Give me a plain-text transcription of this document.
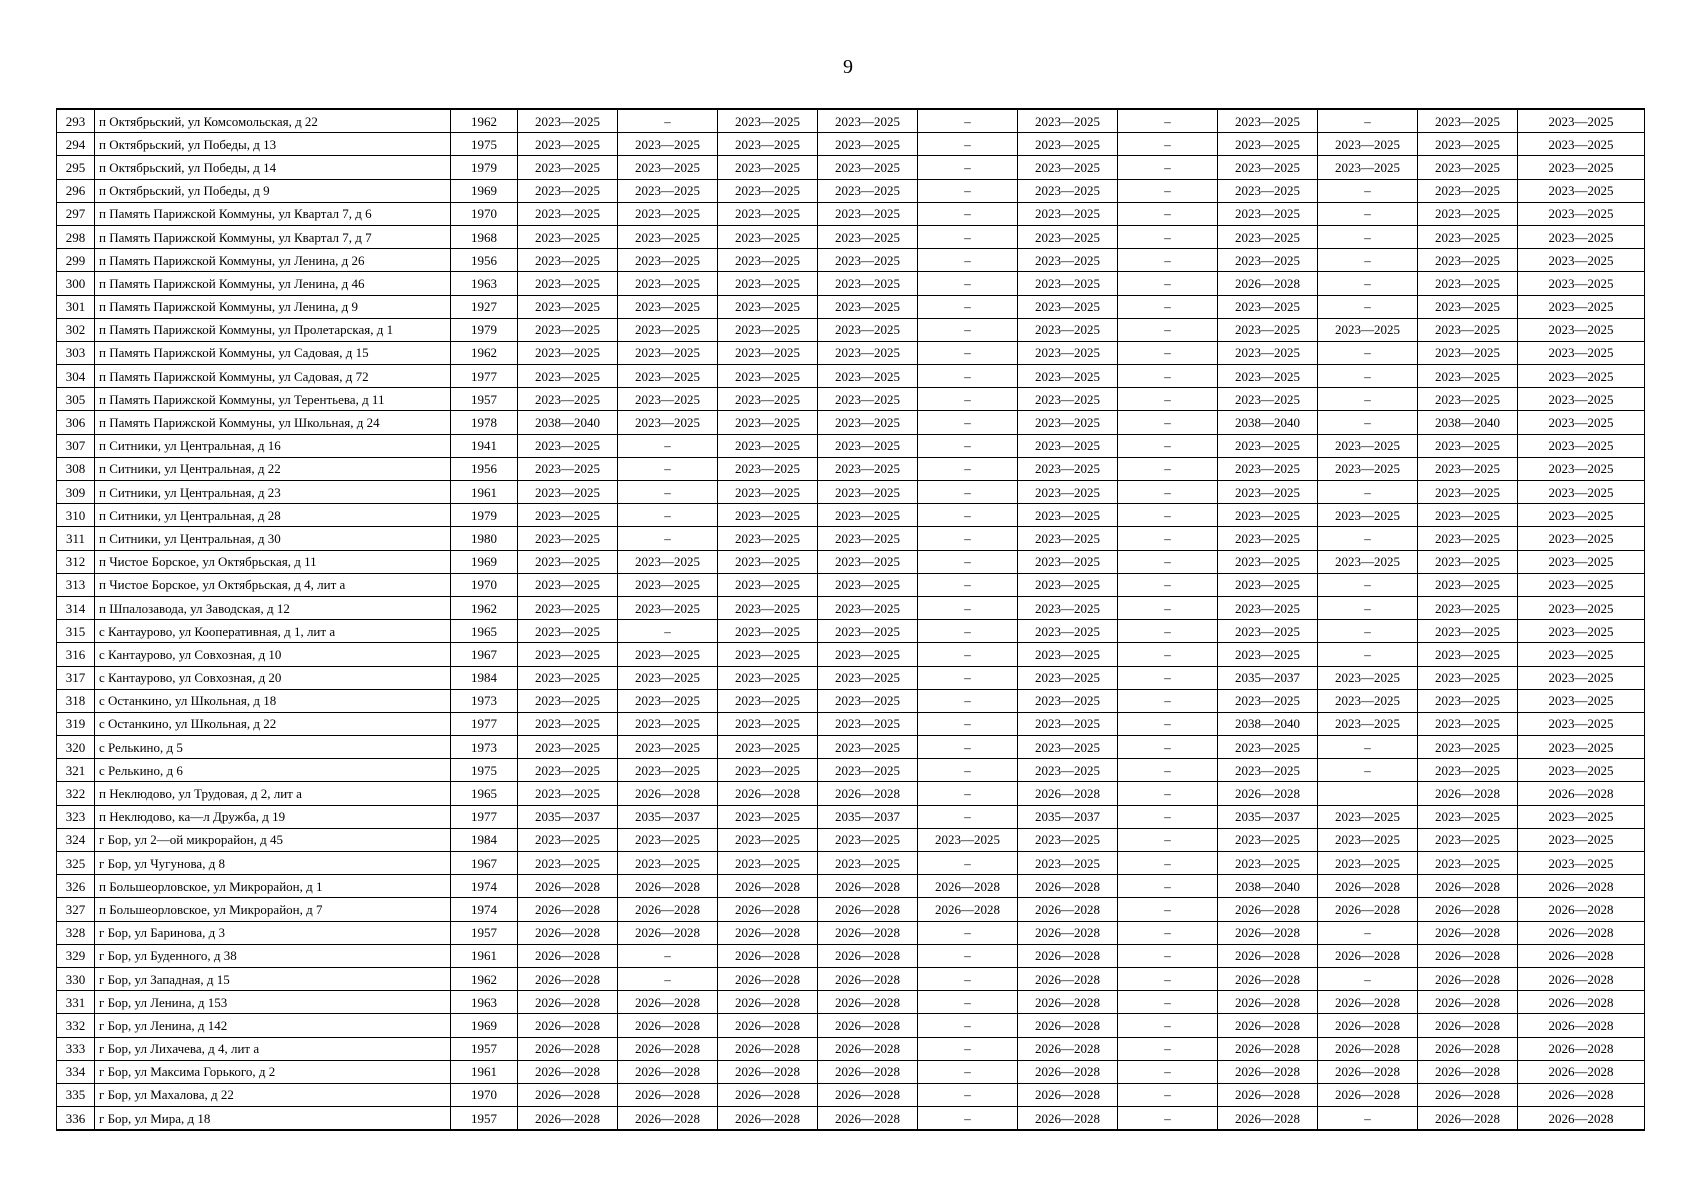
9
293	п Октябрьский, ул Комсомольская, д 22	1962	2023—2025	–	2023—2025	2023—2025	–	2023—2025	–	2023—2025	–	2023—2025	2023—2025
294	п Октябрьский, ул Победы, д 13	1975	2023—2025	2023—2025	2023—2025	2023—2025	–	2023—2025	–	2023—2025	2023—2025	2023—2025	2023—2025
295	п Октябрьский, ул Победы, д 14	1979	2023—2025	2023—2025	2023—2025	2023—2025	–	2023—2025	–	2023—2025	2023—2025	2023—2025	2023—2025
296	п Октябрьский, ул Победы, д 9	1969	2023—2025	2023—2025	2023—2025	2023—2025	–	2023—2025	–	2023—2025	–	2023—2025	2023—2025
297	п Память Парижской Коммуны, ул Квартал 7, д 6	1970	2023—2025	2023—2025	2023—2025	2023—2025	–	2023—2025	–	2023—2025	–	2023—2025	2023—2025
298	п Память Парижской Коммуны, ул Квартал 7, д 7	1968	2023—2025	2023—2025	2023—2025	2023—2025	–	2023—2025	–	2023—2025	–	2023—2025	2023—2025
299	п Память Парижской Коммуны, ул Ленина, д 26	1956	2023—2025	2023—2025	2023—2025	2023—2025	–	2023—2025	–	2023—2025	–	2023—2025	2023—2025
300	п Память Парижской Коммуны, ул Ленина, д 46	1963	2023—2025	2023—2025	2023—2025	2023—2025	–	2023—2025	–	2026—2028	–	2023—2025	2023—2025
301	п Память Парижской Коммуны, ул Ленина, д 9	1927	2023—2025	2023—2025	2023—2025	2023—2025	–	2023—2025	–	2023—2025	–	2023—2025	2023—2025
302	п Память Парижской Коммуны, ул Пролетарская, д 1	1979	2023—2025	2023—2025	2023—2025	2023—2025	–	2023—2025	–	2023—2025	2023—2025	2023—2025	2023—2025
303	п Память Парижской Коммуны, ул Садовая, д 15	1962	2023—2025	2023—2025	2023—2025	2023—2025	–	2023—2025	–	2023—2025	–	2023—2025	2023—2025
304	п Память Парижской Коммуны, ул Садовая, д 72	1977	2023—2025	2023—2025	2023—2025	2023—2025	–	2023—2025	–	2023—2025	–	2023—2025	2023—2025
305	п Память Парижской Коммуны, ул Терентьева, д 11	1957	2023—2025	2023—2025	2023—2025	2023—2025	–	2023—2025	–	2023—2025	–	2023—2025	2023—2025
306	п Память Парижской Коммуны, ул Школьная, д 24	1978	2038—2040	2023—2025	2023—2025	2023—2025	–	2023—2025	–	2038—2040	–	2038—2040	2023—2025
307	п Ситники, ул Центральная, д 16	1941	2023—2025	–	2023—2025	2023—2025	–	2023—2025	–	2023—2025	2023—2025	2023—2025	2023—2025
308	п Ситники, ул Центральная, д 22	1956	2023—2025	–	2023—2025	2023—2025	–	2023—2025	–	2023—2025	2023—2025	2023—2025	2023—2025
309	п Ситники, ул Центральная, д 23	1961	2023—2025	–	2023—2025	2023—2025	–	2023—2025	–	2023—2025	–	2023—2025	2023—2025
310	п Ситники, ул Центральная, д 28	1979	2023—2025	–	2023—2025	2023—2025	–	2023—2025	–	2023—2025	2023—2025	2023—2025	2023—2025
311	п Ситники, ул Центральная, д 30	1980	2023—2025	–	2023—2025	2023—2025	–	2023—2025	–	2023—2025	–	2023—2025	2023—2025
312	п Чистое Борское, ул Октябрьская, д 11	1969	2023—2025	2023—2025	2023—2025	2023—2025	–	2023—2025	–	2023—2025	2023—2025	2023—2025	2023—2025
313	п Чистое Борское, ул Октябрьская, д 4, лит а	1970	2023—2025	2023—2025	2023—2025	2023—2025	–	2023—2025	–	2023—2025	–	2023—2025	2023—2025
314	п Шпалозавода, ул Заводская, д 12	1962	2023—2025	2023—2025	2023—2025	2023—2025	–	2023—2025	–	2023—2025	–	2023—2025	2023—2025
315	с Кантаурово, ул Кооперативная, д 1, лит а	1965	2023—2025	–	2023—2025	2023—2025	–	2023—2025	–	2023—2025	–	2023—2025	2023—2025
316	с Кантаурово, ул Совхозная, д 10	1967	2023—2025	2023—2025	2023—2025	2023—2025	–	2023—2025	–	2023—2025	–	2023—2025	2023—2025
317	с Кантаурово, ул Совхозная, д 20	1984	2023—2025	2023—2025	2023—2025	2023—2025	–	2023—2025	–	2035—2037	2023—2025	2023—2025	2023—2025
318	с Останкино, ул Школьная, д 18	1973	2023—2025	2023—2025	2023—2025	2023—2025	–	2023—2025	–	2023—2025	2023—2025	2023—2025	2023—2025
319	с Останкино, ул Школьная, д 22	1977	2023—2025	2023—2025	2023—2025	2023—2025	–	2023—2025	–	2038—2040	2023—2025	2023—2025	2023—2025
320	с Релькино, д 5	1973	2023—2025	2023—2025	2023—2025	2023—2025	–	2023—2025	–	2023—2025	–	2023—2025	2023—2025
321	с Релькино, д 6	1975	2023—2025	2023—2025	2023—2025	2023—2025	–	2023—2025	–	2023—2025	–	2023—2025	2023—2025
322	п Неклюдово, ул Трудовая, д 2, лит а	1965	2023—2025	2026—2028	2026—2028	2026—2028	–	2026—2028	–	2026—2028		2026—2028	2026—2028
323	п Неклюдово, ка—л Дружба, д 19	1977	2035—2037	2035—2037	2023—2025	2035—2037	–	2035—2037	–	2035—2037	2023—2025	2023—2025	2023—2025
324	г Бор, ул 2—ой микрорайон, д 45	1984	2023—2025	2023—2025	2023—2025	2023—2025	2023—2025	2023—2025	–	2023—2025	2023—2025	2023—2025	2023—2025
325	г Бор, ул Чугунова, д 8	1967	2023—2025	2023—2025	2023—2025	2023—2025	–	2023—2025	–	2023—2025	2023—2025	2023—2025	2023—2025
326	п Большеорловское, ул Микрорайон, д 1	1974	2026—2028	2026—2028	2026—2028	2026—2028	2026—2028	2026—2028	–	2038—2040	2026—2028	2026—2028	2026—2028
327	п Большеорловское, ул Микрорайон, д 7	1974	2026—2028	2026—2028	2026—2028	2026—2028	2026—2028	2026—2028	–	2026—2028	2026—2028	2026—2028	2026—2028
328	г Бор, ул Баринова, д 3	1957	2026—2028	2026—2028	2026—2028	2026—2028	–	2026—2028	–	2026—2028	–	2026—2028	2026—2028
329	г Бор, ул Буденного, д 38	1961	2026—2028	–	2026—2028	2026—2028	–	2026—2028	–	2026—2028	2026—2028	2026—2028	2026—2028
330	г Бор, ул Западная, д 15	1962	2026—2028	–	2026—2028	2026—2028	–	2026—2028	–	2026—2028	–	2026—2028	2026—2028
331	г Бор, ул Ленина, д 153	1963	2026—2028	2026—2028	2026—2028	2026—2028	–	2026—2028	–	2026—2028	2026—2028	2026—2028	2026—2028
332	г Бор, ул Ленина, д 142	1969	2026—2028	2026—2028	2026—2028	2026—2028	–	2026—2028	–	2026—2028	2026—2028	2026—2028	2026—2028
333	г Бор, ул Лихачева, д 4, лит а	1957	2026—2028	2026—2028	2026—2028	2026—2028	–	2026—2028	–	2026—2028	2026—2028	2026—2028	2026—2028
334	г Бор, ул Максима Горького, д 2	1961	2026—2028	2026—2028	2026—2028	2026—2028	–	2026—2028	–	2026—2028	2026—2028	2026—2028	2026—2028
335	г Бор, ул Махалова, д 22	1970	2026—2028	2026—2028	2026—2028	2026—2028	–	2026—2028	–	2026—2028	2026—2028	2026—2028	2026—2028
336	г Бор, ул Мира, д 18	1957	2026—2028	2026—2028	2026—2028	2026—2028	–	2026—2028	–	2026—2028	–	2026—2028	2026—2028
